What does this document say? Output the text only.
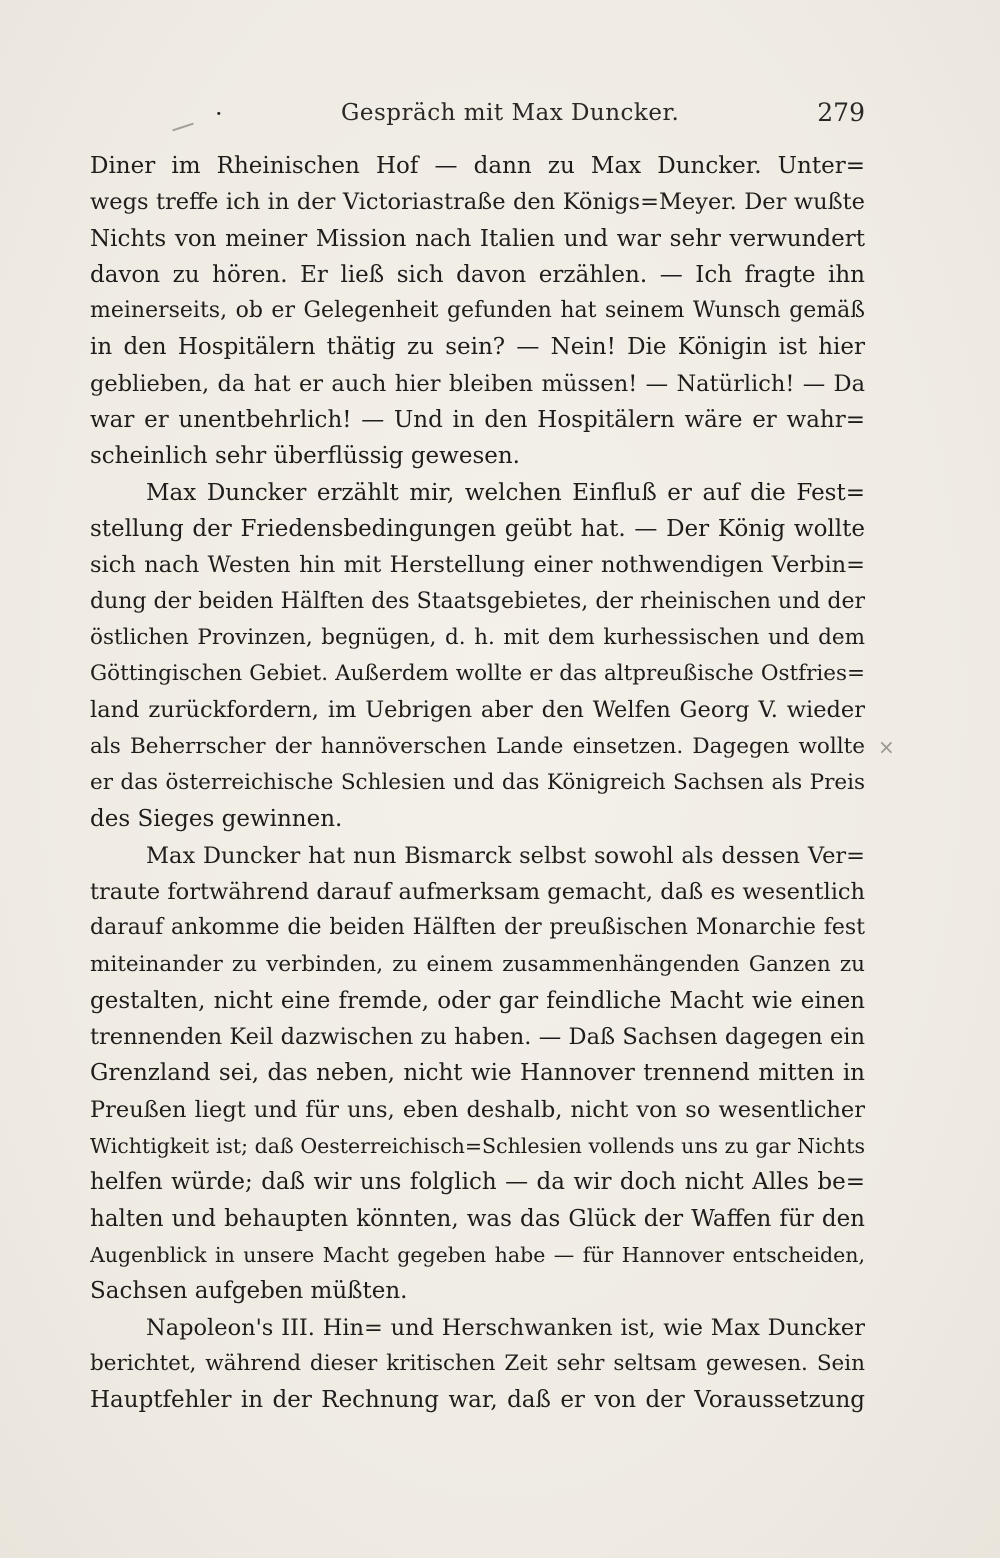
·	Gespräch mit Max Duncker.	279
×
Diner im Rheinischen Hof — dann zu Max Duncker. Unter=
wegs treffe ich in der Victoriastraße den Königs=Meyer. Der wußte
Nichts von meiner Mission nach Italien und war sehr verwundert
davon zu hören. Er ließ sich davon erzählen. — Ich fragte ihn
meinerseits, ob er Gelegenheit gefunden hat seinem Wunsch gemäß
in den Hospitälern thätig zu sein? — Nein! Die Königin ist hier
geblieben, da hat er auch hier bleiben müssen! — Natürlich! — Da
war er unentbehrlich! — Und in den Hospitälern wäre er wahr=
scheinlich sehr überflüssig gewesen.
Max Duncker erzählt mir, welchen Einfluß er auf die Fest=
stellung der Friedensbedingungen geübt hat. — Der König wollte
sich nach Westen hin mit Herstellung einer nothwendigen Verbin=
dung der beiden Hälften des Staatsgebietes, der rheinischen und der
östlichen Provinzen, begnügen, d. h. mit dem kurhessischen und dem
Göttingischen Gebiet. Außerdem wollte er das altpreußische Ostfries=
land zurückfordern, im Uebrigen aber den Welfen Georg V. wieder
als Beherrscher der hannöverschen Lande einsetzen. Dagegen wollte
er das österreichische Schlesien und das Königreich Sachsen als Preis
des Sieges gewinnen.
Max Duncker hat nun Bismarck selbst sowohl als dessen Ver=
traute fortwährend darauf aufmerksam gemacht, daß es wesentlich
darauf ankomme die beiden Hälften der preußischen Monarchie fest
miteinander zu verbinden, zu einem zusammenhängenden Ganzen zu
gestalten, nicht eine fremde, oder gar feindliche Macht wie einen
trennenden Keil dazwischen zu haben. — Daß Sachsen dagegen ein
Grenzland sei, das neben, nicht wie Hannover trennend mitten in
Preußen liegt und für uns, eben deshalb, nicht von so wesentlicher
Wichtigkeit ist; daß Oesterreichisch=Schlesien vollends uns zu gar Nichts
helfen würde; daß wir uns folglich — da wir doch nicht Alles be=
halten und behaupten könnten, was das Glück der Waffen für den
Augenblick in unsere Macht gegeben habe — für Hannover entscheiden,
Sachsen aufgeben müßten.
Napoleon's III. Hin= und Herschwanken ist, wie Max Duncker
berichtet, während dieser kritischen Zeit sehr seltsam gewesen. Sein
Hauptfehler in der Rechnung war, daß er von der Voraussetzung
